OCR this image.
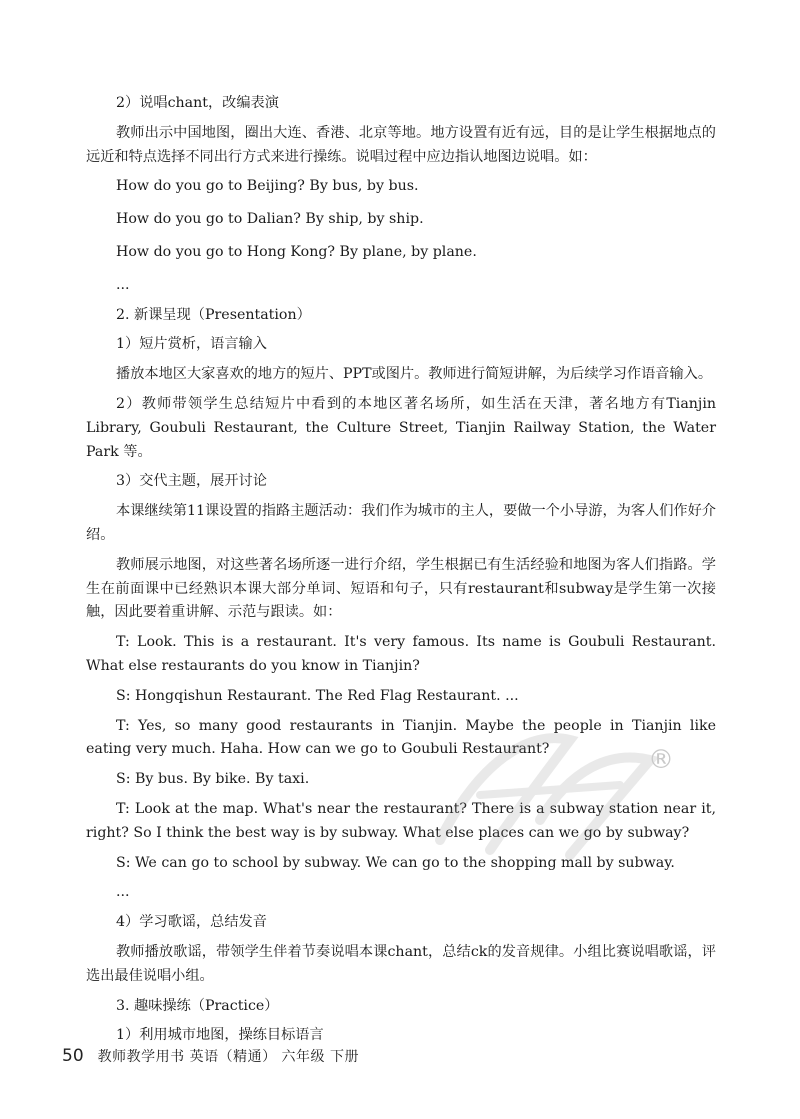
2）说唱chant，改编表演

教师出示中国地图，圈出大连、香港、北京等地。地方设置有近有远，目的是让学生根据地点的远近和特点选择不同出行方式来进行操练。说唱过程中应边指认地图边说唱。如：

How do you go to Beijing? By bus, by bus.

How do you go to Dalian? By ship, by ship.

How do you go to Hong Kong? By plane, by plane.

...

2. 新课呈现（Presentation）

1）短片赏析，语言输入

播放本地区大家喜欢的地方的短片、PPT或图片。教师进行简短讲解，为后续学习作语音输入。

2）教师带领学生总结短片中看到的本地区著名场所，如生活在天津，著名地方有Tianjin Library, Goubuli Restaurant, the Culture Street, Tianjin Railway Station, the Water Park 等。

3）交代主题，展开讨论

本课继续第11课设置的指路主题活动：我们作为城市的主人，要做一个小导游，为客人们作好介绍。

教师展示地图，对这些著名场所逐一进行介绍，学生根据已有生活经验和地图为客人们指路。学生在前面课中已经熟识本课大部分单词、短语和句子，只有restaurant和subway是学生第一次接触，因此要着重讲解、示范与跟读。如：

T: Look. This is a restaurant. It's very famous. Its name is Goubuli Restaurant. What else restaurants do you know in Tianjin?

S: Hongqishun Restaurant. The Red Flag Restaurant. ...

T: Yes, so many good restaurants in Tianjin. Maybe the people in Tianjin like eating very much. Haha. How can we go to Goubuli Restaurant?

S: By bus. By bike. By taxi.

T: Look at the map. What's near the restaurant? There is a subway station near it, right? So I think the best way is by subway. What else places can we go by subway?

S: We can go to school by subway. We can go to the shopping mall by subway.

...

4）学习歌谣，总结发音

教师播放歌谣，带领学生伴着节奏说唱本课chant，总结ck的发音规律。小组比赛说唱歌谣，评选出最佳说唱小组。

3. 趣味操练（Practice）

1）利用城市地图，操练目标语言

®
50 教师教学用书 英语（精通） 六年级 下册
